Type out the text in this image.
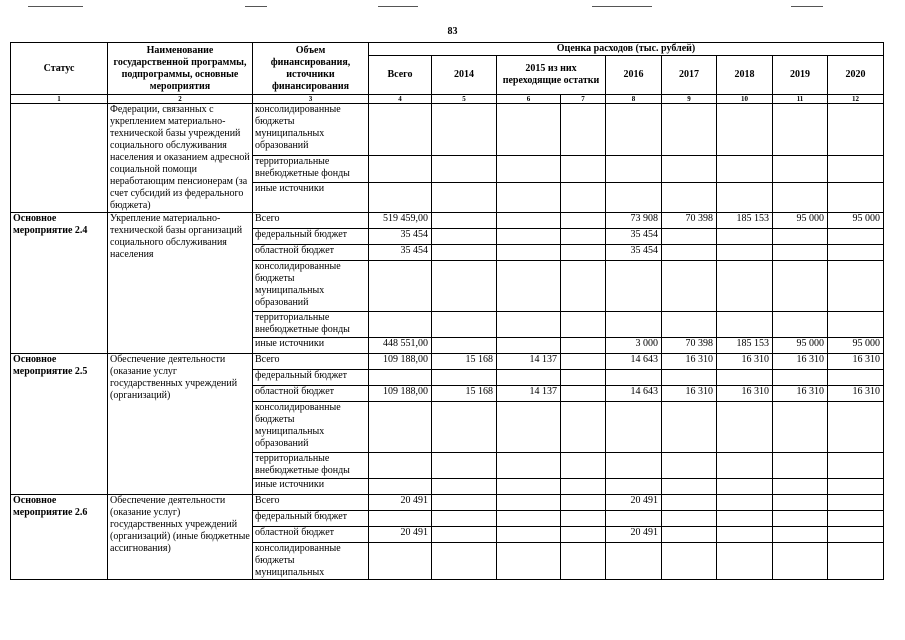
83
Статус	Наименование государственной программы, подпрограммы, основные мероприятия	Объем финансирования, источники финансирования	Оценка расходов (тыс. рублей)								
			Всего	2014	2015 из них переходящие остатки		2016	2017	2018	2019	2020
1	2	3	4	5	6	7	8	9	10	11	12
	Федерации, связанных с укреплением материально-технической базы учреждений социального обслуживания населения и оказанием адресной социальной помощи неработающим пенсионерам (за счет субсидий из федерального бюджета)	консолидированные бюджеты муниципальных образований									
		территориальные внебюджетные фонды									
		иные источники									
Основное мероприятие 2.4	Укрепление материально-технической базы организаций социального обслуживания населения	Всего	519 459,00				73 908	70 398	185 153	95 000	95 000
		федеральный бюджет	35 454				35 454				
		областной бюджет	35 454				35 454				
		консолидированные бюджеты муниципальных образований									
		территориальные внебюджетные фонды									
		иные источники	448 551,00				3 000	70 398	185 153	95 000	95 000
Основное мероприятие 2.5	Обеспечение деятельности (оказание услуг государственных учреждений (организаций)	Всего	109 188,00	15 168	14 137		14 643	16 310	16 310	16 310	16 310
		федеральный бюджет									
		областной бюджет	109 188,00	15 168	14 137		14 643	16 310	16 310	16 310	16 310
		консолидированные бюджеты муниципальных образований									
		территориальные внебюджетные фонды									
		иные источники									
Основное мероприятие 2.6	Обеспечение деятельности (оказание услуг) государственных учреждений (организаций) (иные бюджетные ассигнования)	Всего	20 491				20 491				
		федеральный бюджет									
		областной бюджет	20 491				20 491				
		консолидированные бюджеты муниципальных									
